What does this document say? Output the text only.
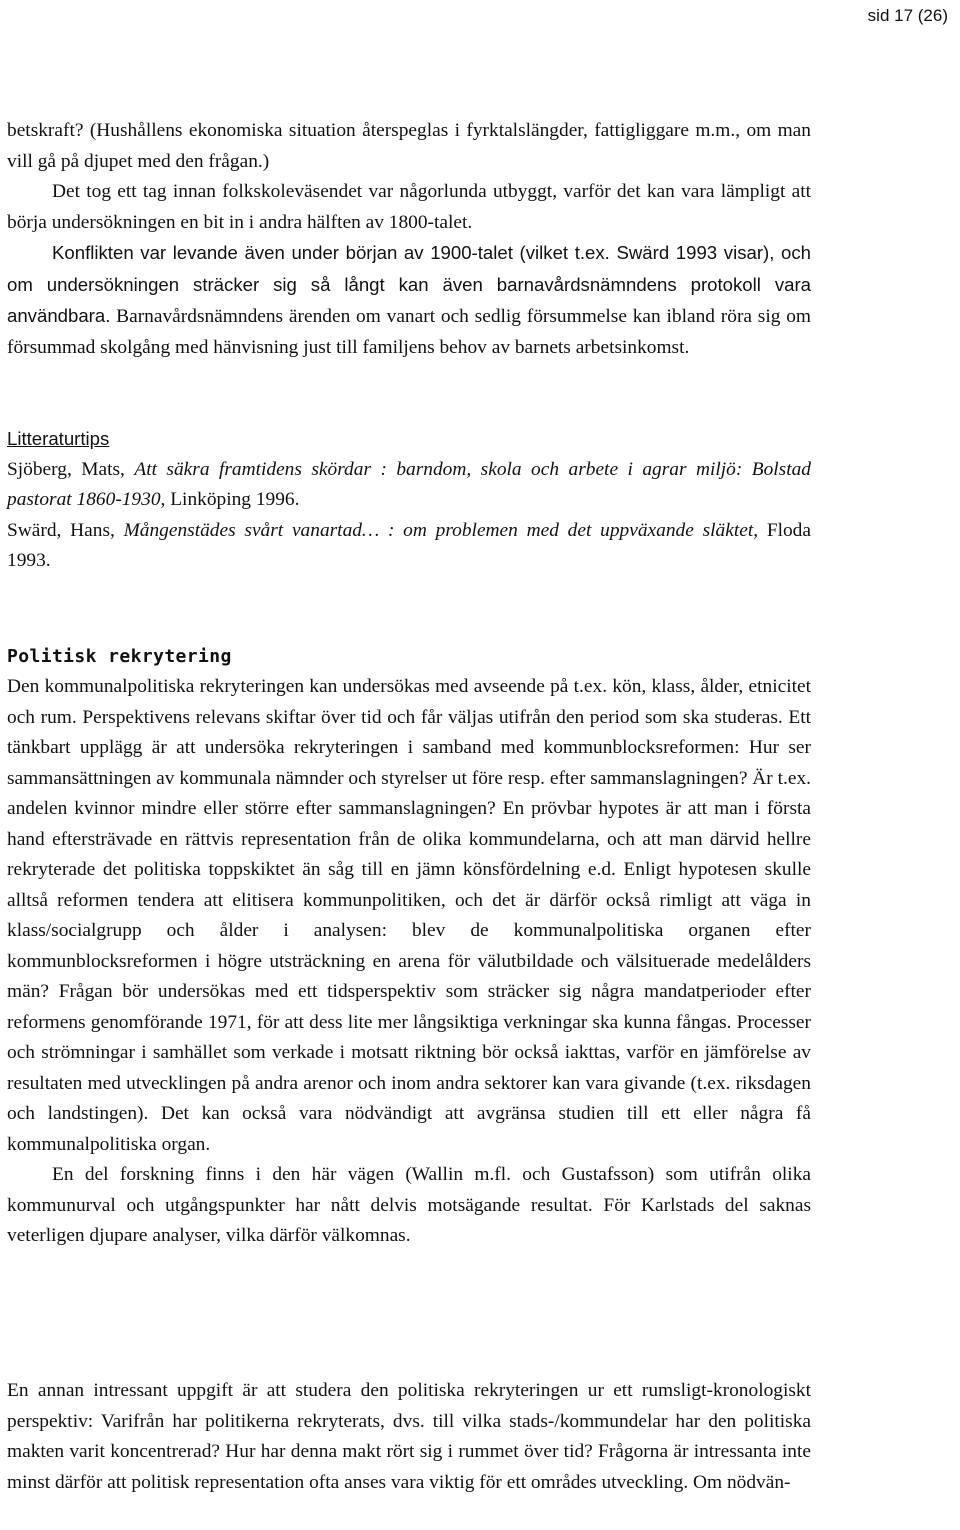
sid 17 (26)

betskraft? (Hushållens ekonomiska situation återspeglas i fyrktalslängder, fattigliggare m.m., om man vill gå på djupet med den frågan.)

Det tog ett tag innan folkskoleväsendet var någorlunda utbyggt, varför det kan vara lämpligt att börja undersökningen en bit in i andra hälften av 1800-talet.

Konflikten var levande även under början av 1900-talet (vilket t.ex. Swärd 1993 visar), och om undersökningen sträcker sig så långt kan även barnavårdsnämndens protokoll vara användbara. Barnavårdsnämndens ärenden om vanart och sedlig försummelse kan ibland röra sig om försummad skolgång med hänvisning just till familjens behov av barnets arbetsinkomst.

Litteraturtips

Sjöberg, Mats, Att säkra framtidens skördar : barndom, skola och arbete i agrar miljö: Bolstad pastorat 1860-1930, Linköping 1996.

Swärd, Hans, Mångenstädes svårt vanartad… : om problemen med det uppväxande släktet, Floda 1993.

Politisk rekrytering

Den kommunalpolitiska rekryteringen kan undersökas med avseende på t.ex. kön, klass, ålder, etnicitet och rum. Perspektivens relevans skiftar över tid och får väljas utifrån den period som ska studeras. Ett tänkbart upplägg är att undersöka rekryteringen i samband med kommunblocksreformen: Hur ser sammansättningen av kommunala nämnder och styrelser ut före resp. efter sammanslagningen? Är t.ex. andelen kvinnor mindre eller större efter sammanslagningen? En prövbar hypotes är att man i första hand eftersträvade en rättvis representation från de olika kommundelarna, och att man därvid hellre rekryterade det politiska toppskiktet än såg till en jämn könsfördelning e.d. Enligt hypotesen skulle alltså reformen tendera att elitisera kommunpolitiken, och det är därför också rimligt att väga in klass/socialgrupp och ålder i analysen: blev de kommunalpolitiska organen efter kommunblocksreformen i högre utsträckning en arena för välutbildade och välsituerade medelålders män? Frågan bör undersökas med ett tidsperspektiv som sträcker sig några mandatperioder efter reformens genomförande 1971, för att dess lite mer långsiktiga verkningar ska kunna fångas. Processer och strömningar i samhället som verkade i motsatt riktning bör också iakttas, varför en jämförelse av resultaten med utvecklingen på andra arenor och inom andra sektorer kan vara givande (t.ex. riksdagen och landstingen). Det kan också vara nödvändigt att avgränsa studien till ett eller några få kommunalpolitiska organ.

En del forskning finns i den här vägen (Wallin m.fl. och Gustafsson) som utifrån olika kommunurval och utgångspunkter har nått delvis motsägande resultat. För Karlstads del saknas veterligen djupare analyser, vilka därför välkomnas.

En annan intressant uppgift är att studera den politiska rekryteringen ur ett rumsligt-kronologiskt perspektiv: Varifrån har politikerna rekryterats, dvs. till vilka stads-/kommundelar har den politiska makten varit koncentrerad? Hur har denna makt rört sig i rummet över tid? Frågorna är intressanta inte minst därför att politisk representation ofta anses vara viktig för ett områdes utveckling. Om nödvän-
